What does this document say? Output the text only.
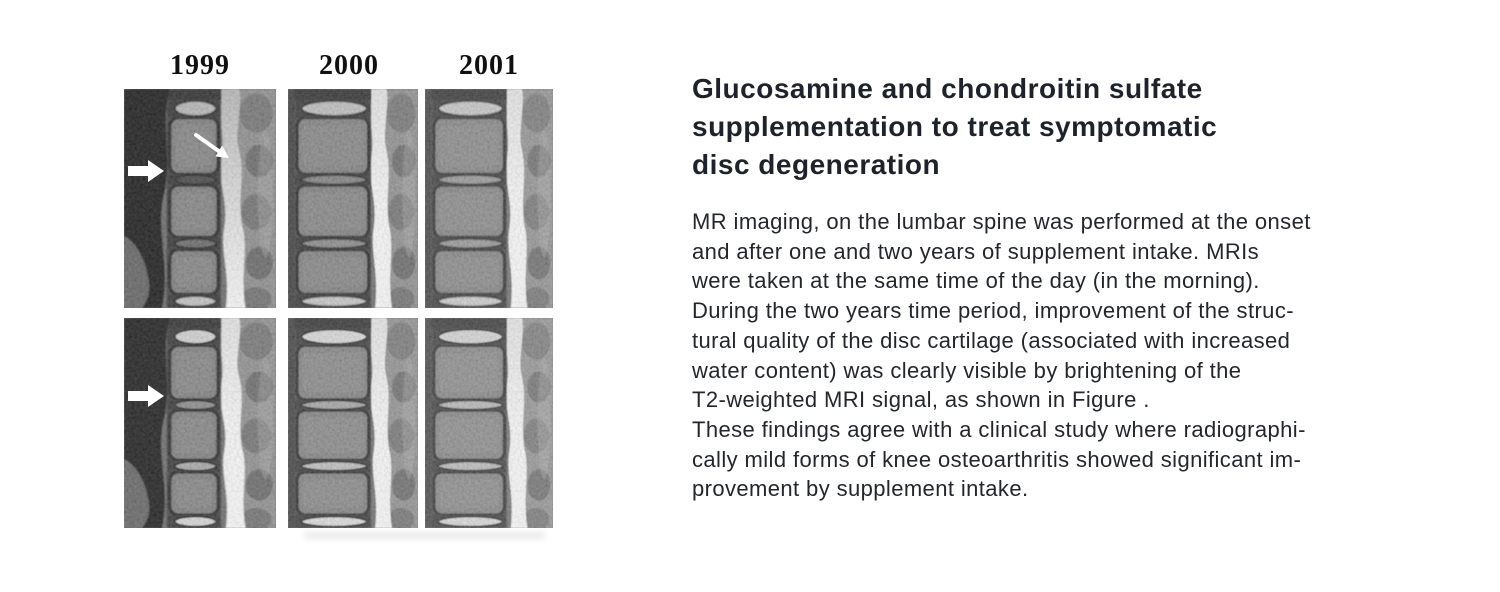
1999	2000	2001
Glucosamine and chondroitin sulfate
supplementation to treat symptomatic
disc degeneration
MR imaging, on the lumbar spine was performed at the onset
and after one and two years of supplement intake. MRIs
were taken at the same time of the day (in the morning).
During the two years time period, improvement of the struc-
tural quality of the disc cartilage (associated with increased
water content) was clearly visible by brightening of the
T2-weighted MRI signal, as shown in Figure .
These findings agree with a clinical study where radiographi-
cally mild forms of knee osteoarthritis showed significant im-
provement by supplement intake.
